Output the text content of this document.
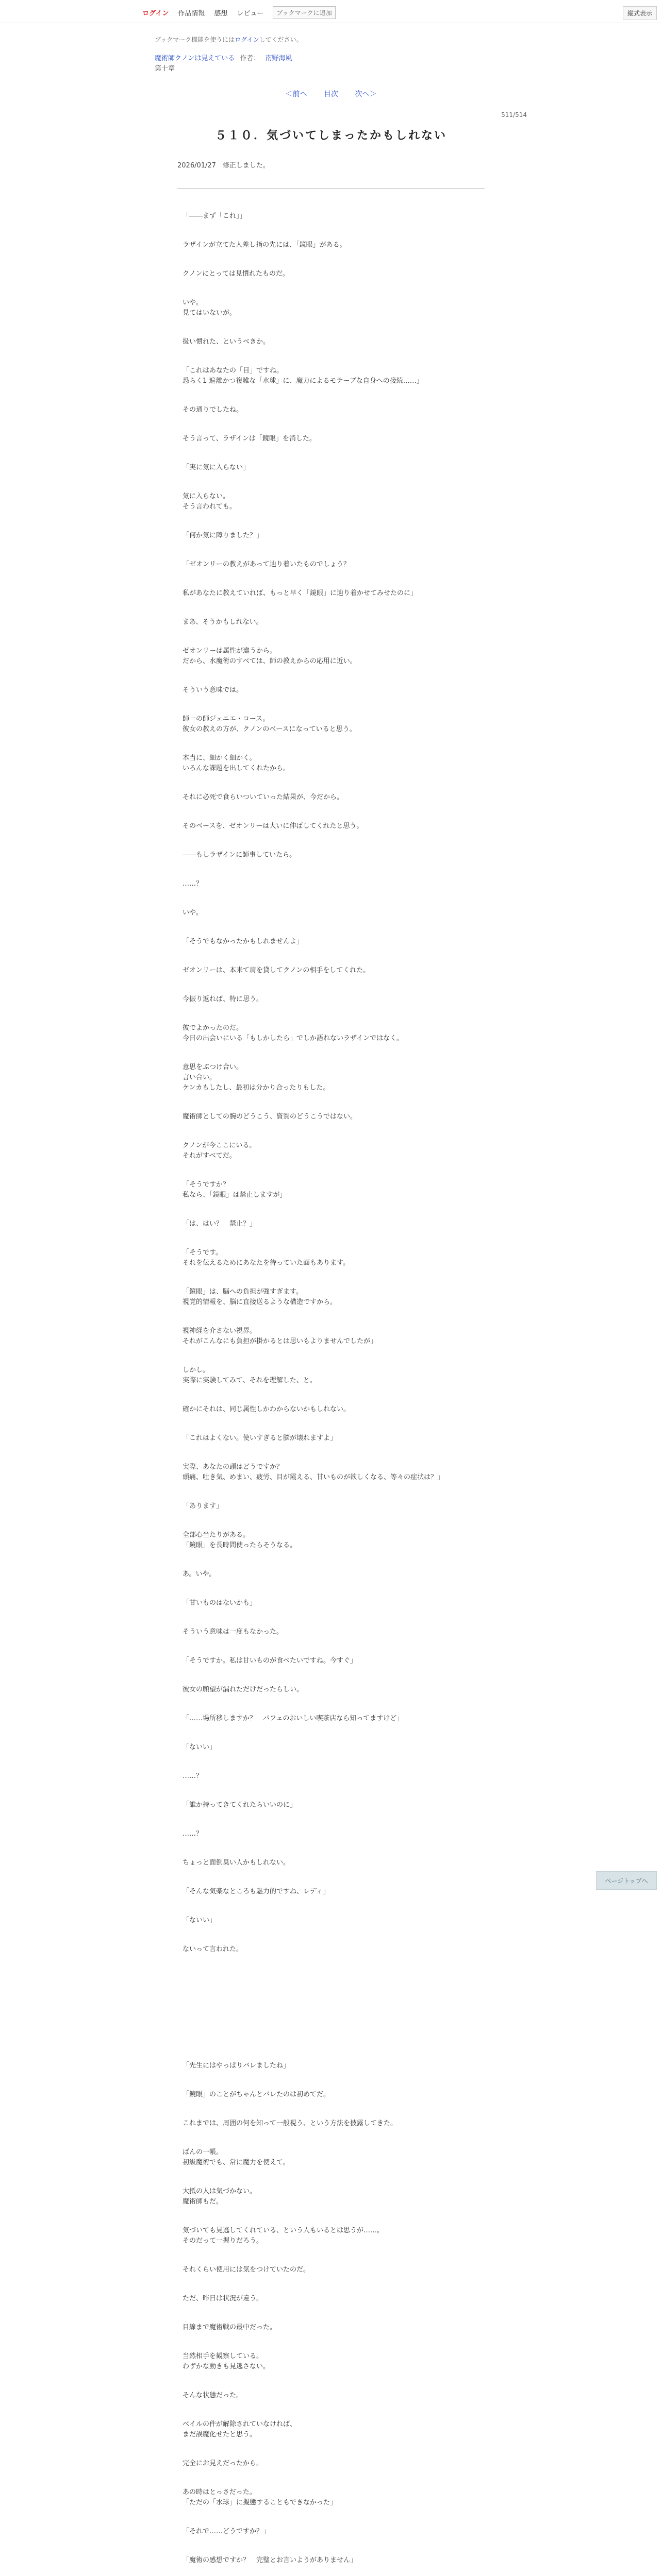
ログイン 作品情報 感想 レビュー	ブックマークに追加	縦式表示
ブックマーク機能を使うにはログインしてください。
魔術師クノンは見えている 作者： 南野海風
第十章
＜前へ 目次 次へ＞
511/514
５１０．気づいてしまったかもしれない
2026/01/27　修正しました。
「――まず「これ」」
ラザインが立てた人差し指の先には、「鏡眼」がある。
クノンにとっては見慣れたものだ。
いや。
見てはいないが。
扱い慣れた、というべきか。
「これはあなたの「目」ですね。
恐らく1 遍離かつ複雑な「水球」に、魔力によるモテーブな自身への接続……」
その通りでしたね。
そう言って、ラザインは「鏡眼」を消した。
「実に気に入らない」
気に入らない。
そう言われても。
「何か気に障りました？」
「ゼオンリーの教えがあって辿り着いたものでしょう？
私があなたに教えていれば、もっと早く「鏡眼」に辿り着かせてみせたのに」
まあ、そうかもしれない。
ゼオンリーは属性が違うから。
だから、水魔術のすべては、師の教えからの応用に近い。
そういう意味では。
師一の師ジェニエ・コース。
彼女の教えの方が、クノンのベースになっていると思う。
本当に、細かく細かく。
いろんな課題を出してくれたから。
それに必死で食らいついていった結果が、今だから。
そのベースを、ゼオンリーは大いに伸ばしてくれたと思う。
――もしラザインに師事していたら。
……？
いや。
「そうでもなかったかもしれませんよ」
ゼオンリーは、本来て肩を貸してクノンの相手をしてくれた。
今振り返れば、特に思う。
彼でよかったのだ。
今日の出会いにいる「もしかしたら」でしか語れないラザインではなく。
意思をぶつけ合い。
言い合い。
ケンカもしたし、最初は分かり合ったりもした。
魔術師としての腕のどうこう、資質のどうこうではない。
クノンが今ここにいる。
それがすべてだ。
「そうですか？
私なら、「鏡眼」は禁止しますが」
「は、はい？　禁止？」
「そうです。
それを伝えるためにあなたを待っていた面もあります。
「鏡眼」は、脳への負担が強すぎます。
視覚的情報を、脳に直接送るような構造ですから。
視神経を介さない視界。
それがこんなにも負担が掛かるとは思いもよりませんでしたが」
しかし。
実際に実験してみて、それを理解した、と。
確かにそれは、同じ属性しかわからないかもしれない。
「これはよくない。使いすぎると脳が壊れますよ」
実際、あなたの頭はどうですか？
頭痛、吐き気、めまい、疲労、目が霞える、甘いものが欲しくなる、等々の症状は？」
「あります」
全部心当たりがある。
「鏡眼」を長時間使ったらそうなる。
あ。いや。
「甘いものはないかも」
そういう意味は一度もなかった。
「そうですか。私は甘いものが食べたいですね。今すぐ」
彼女の願望が漏れただけだったらしい。
「……場所移しますか？　パフェのおいしい喫茶店なら知ってますけど」
「ないい」
……？
「誰か持ってきてくれたらいいのに」
……？
ちょっと面倒臭い人かもしれない。
「そんな気楽なところも魅力的ですね、レディ」
「ないい」
ないって言われた。
「先生にはやっぱりバレましたね」
「鏡眼」のことがちゃんとバレたのは初めてだ。
これまでは、周囲の何を知って一般視う、という方法を披露してきた。
ばんの一帳。
初級魔術でも、常に魔力を使えて。
大抵の人は気づかない。
魔術師もだ。
気づいても見逃してくれている、という人もいるとは思うが……。
そのだって一握りだろう。
それくらい使用には気をつけていたのだ。
ただ、昨日は状況が違う。
目線まで魔術戦の最中だった。
当然相手を観察している。
わずかな動きも見逃さない。
そんな状態だった。
ベイルの件が解除されていなければ、
まだ誤魔化せたと思う。
完全にお見えだったから。
あの時はとっさだった。
「ただの「水球」に擬態することもできなかった」
「それで……どうですか？」
「魔術の感想ですか？　完璧とお言いようがありません」
ページトップへ
